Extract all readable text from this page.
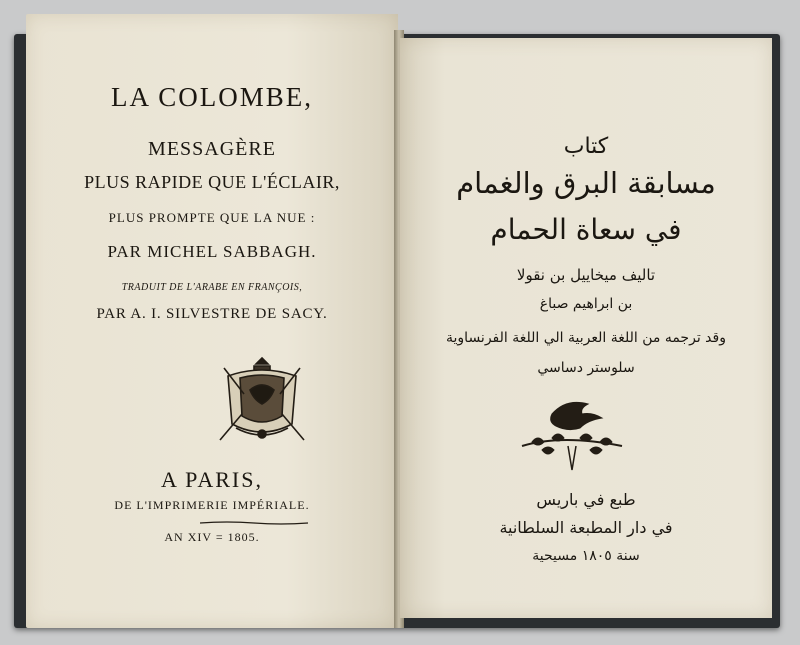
LA COLOMBE,
MESSAGÈRE
PLUS RAPIDE QUE L'ÉCLAIR,
PLUS PROMPTE QUE LA NUE :
PAR MICHEL SABBAGH.
TRADUIT DE L'ARABE EN FRANÇOIS,
PAR A. I. SILVESTRE DE SACY.
A PARIS,
DE L'IMPRIMERIE IMPÉRIALE.
AN XIV = 1805.
كتاب
مسابقة البرق والغمام
في سعاة الحمام
تاليف ميخاييل بن نقولا
بن ابراهيم صباغ
وقد ترجمه من اللغة العربية الي اللغة الفرنساوية
سلوستر دساسي
طبع في باريس
في دار المطبعة السلطانية
سنة ١٨٠٥ مسيحية
